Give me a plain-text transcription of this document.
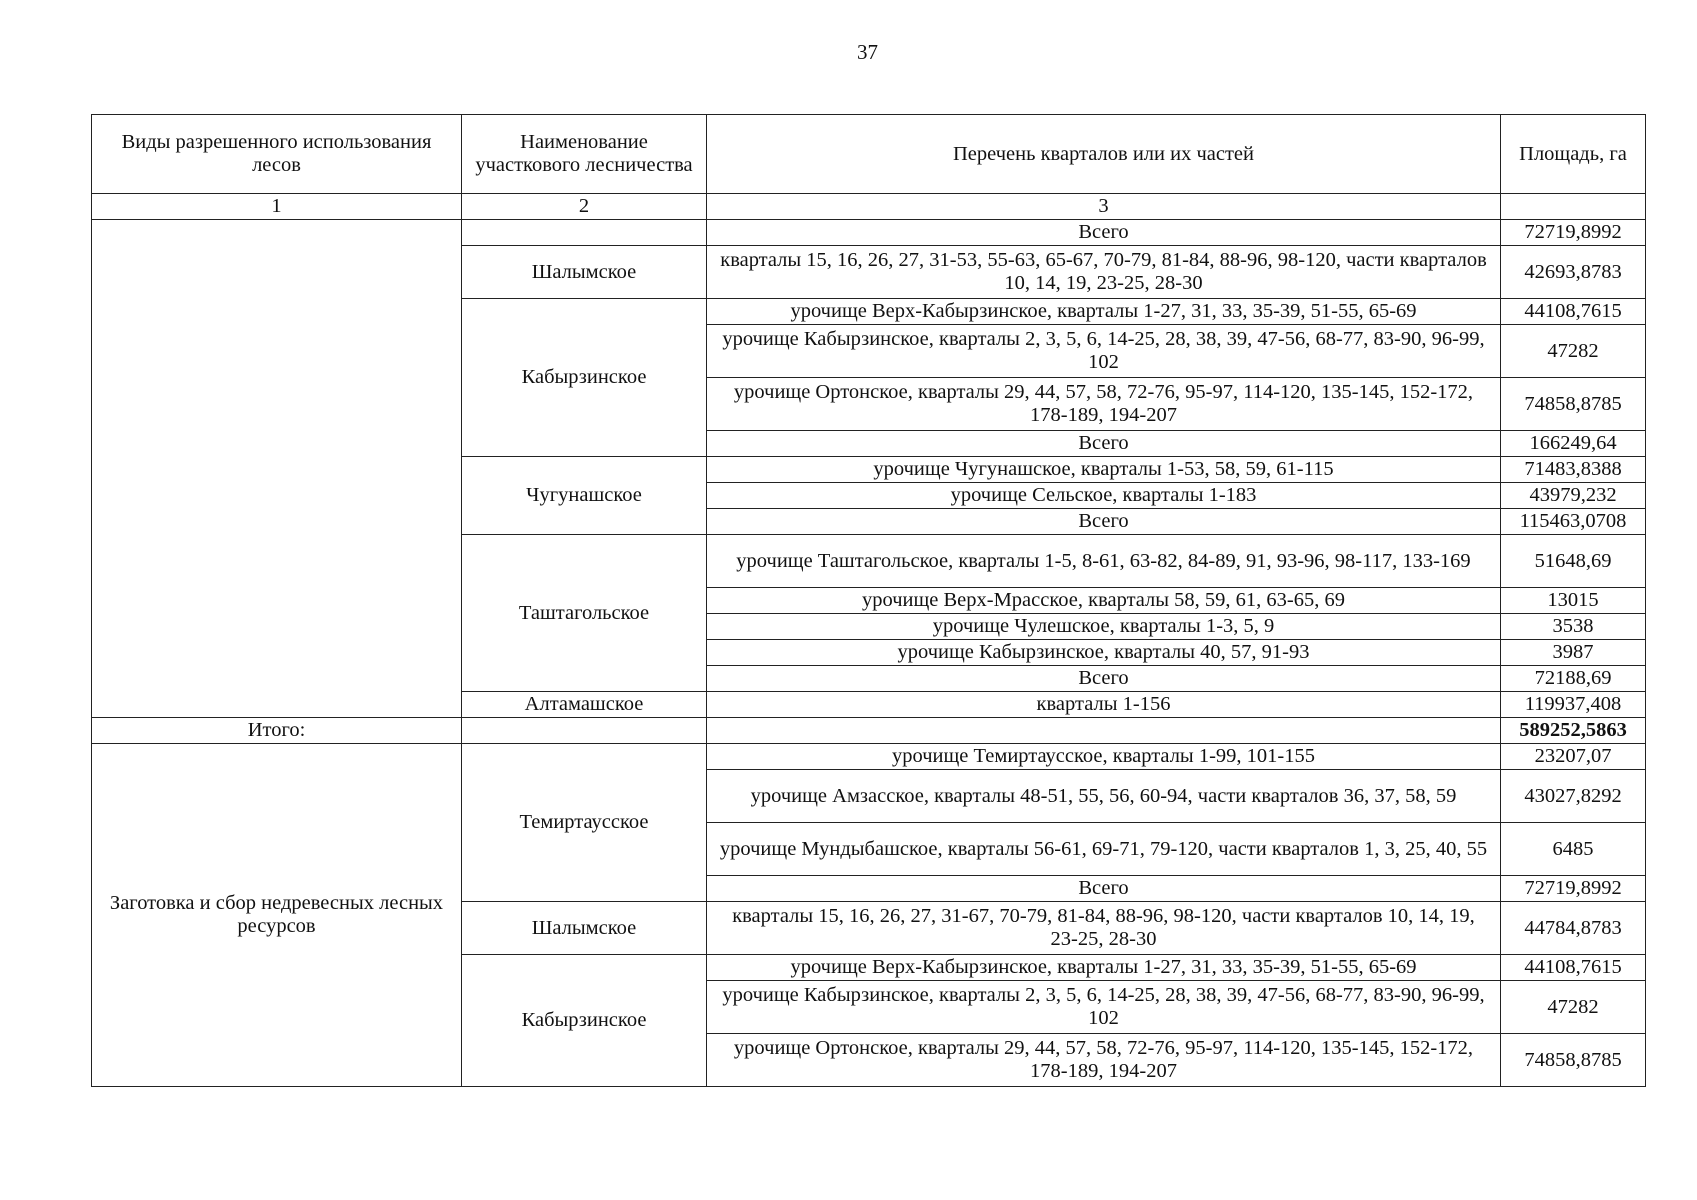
37
Виды разрешенного использования лесов	Наименование участкового лесничества	Перечень кварталов или их частей	Площадь, га
1	2	3	
		Всего	72719,8992
	Шалымское	кварталы 15, 16, 26, 27, 31-53, 55-63, 65-67, 70-79, 81-84, 88-96, 98-120, части кварталов 10, 14, 19, 23-25, 28-30	42693,8783
	Кабырзинское	урочище Верх-Кабырзинское, кварталы 1-27, 31, 33, 35-39, 51-55, 65-69	44108,7615
		урочище Кабырзинское, кварталы 2, 3, 5, 6, 14-25, 28, 38, 39, 47-56, 68-77, 83-90, 96-99, 102	47282
		урочище Ортонское, кварталы 29, 44, 57, 58, 72-76, 95-97, 114-120, 135-145, 152-172, 178-189, 194-207	74858,8785
		Всего	166249,64
	Чугунашское	урочище Чугунашское, кварталы 1-53, 58, 59, 61-115	71483,8388
		урочище Сельское, кварталы 1-183	43979,232
		Всего	115463,0708
	Таштагольское	урочище Таштагольское, кварталы 1-5, 8-61, 63-82, 84-89, 91, 93-96, 98-117, 133-169	51648,69
		урочище Верх-Мрасское, кварталы 58, 59, 61, 63-65, 69	13015
		урочище Чулешское, кварталы 1-3, 5, 9	3538
		урочище Кабырзинское, кварталы 40, 57, 91-93	3987
		Всего	72188,69
	Алтамашское	кварталы 1-156	119937,408
Итого:			589252,5863
Заготовка и сбор недревесных лесных ресурсов	Темиртаусское	урочище Темиртаусское, кварталы 1-99, 101-155	23207,07
		урочище Амзасское, кварталы 48-51, 55, 56, 60-94, части кварталов 36, 37, 58, 59	43027,8292
		урочище Мундыбашское, кварталы 56-61, 69-71, 79-120, части кварталов 1, 3, 25, 40, 55	6485
		Всего	72719,8992
	Шалымское	кварталы 15, 16, 26, 27, 31-67, 70-79, 81-84, 88-96, 98-120, части кварталов 10, 14, 19, 23-25, 28-30	44784,8783
	Кабырзинское	урочище Верх-Кабырзинское, кварталы 1-27, 31, 33, 35-39, 51-55, 65-69	44108,7615
		урочище Кабырзинское, кварталы 2, 3, 5, 6, 14-25, 28, 38, 39, 47-56, 68-77, 83-90, 96-99, 102	47282
		урочище Ортонское, кварталы 29, 44, 57, 58, 72-76, 95-97, 114-120, 135-145, 152-172, 178-189, 194-207	74858,8785
